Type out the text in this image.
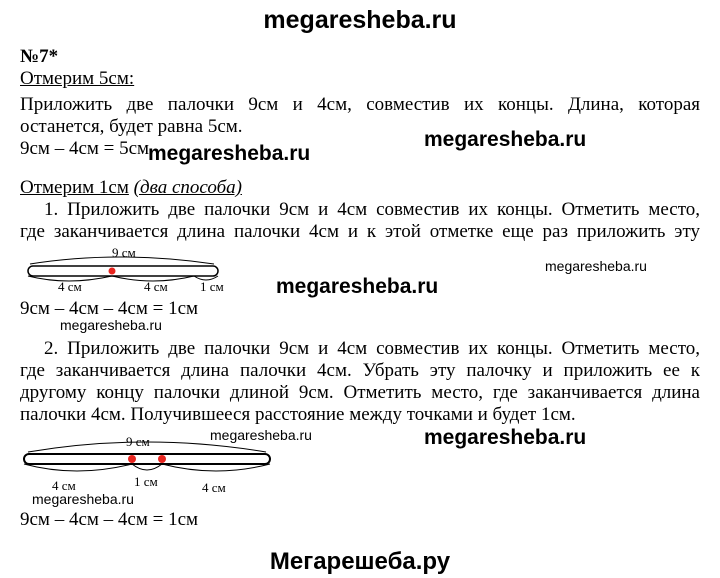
megaresheba.ru
№7*
Отмерим 5см:
Приложить две палочки 9см и 4см, совместив их концы. Длина, которая
останется, будет равна 5см.
9см – 4см = 5см
Отмерим 1см (два способа)
1. Приложить две палочки 9см и 4см совместив их концы. Отметить место,
где заканчивается длина палочки 4см и к этой отметке еще раз приложить эту
9 см
4 см	4 см 1 см
9см – 4см – 4см = 1см
2. Приложить две палочки 9см и 4см совместив их концы. Отметить место,
где заканчивается длина палочки 4см. Убрать эту палочку и приложить ее к
другому концу палочки длиной 9см. Отметить место, где заканчивается длина
палочки 4см. Получившееся расстояние между точками и будет 1см.
9 см
4 см	1 см	4 см
9см – 4см – 4см = 1см
megaresheba.ru
megaresheba.ru
megaresheba.ru
megaresheba.ru
megaresheba.ru
megaresheba.ru
megaresheba.ru
megaresheba.ru
Мегарешеба.ру
